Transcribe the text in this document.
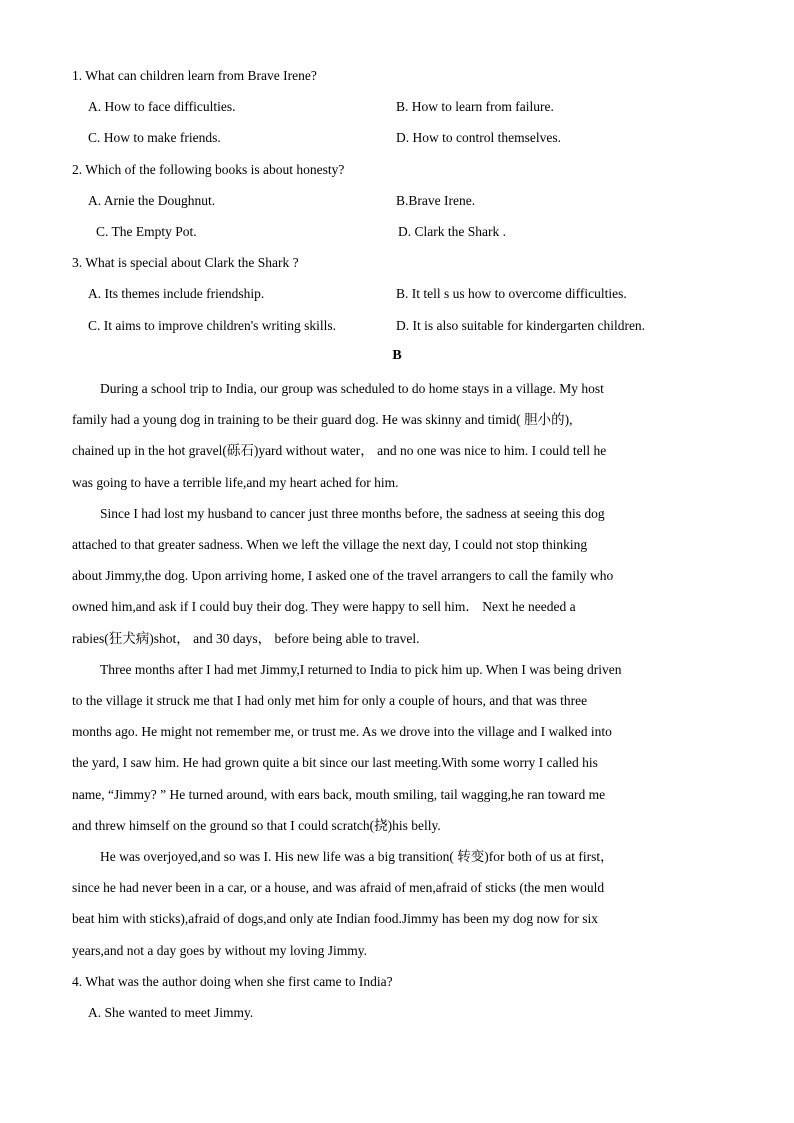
1. What can children learn from Brave Irene?
A. How to face difficulties.	B. How to learn from failure.
C. How to make friends.	D. How to control themselves.
2. Which of the following books is about honesty?
A. Arnie the Doughnut.	B.Brave Irene.
C. The Empty Pot.	D. Clark the Shark .
3. What is special about Clark the Shark ?
A. Its themes include friendship.	B. It tell s us how to overcome difficulties.
C. It aims to improve children's writing skills.	D. It is also suitable for kindergarten children.
B
During a school trip to India, our group was scheduled to do home stays in a village. My host
family had a young dog in training to be their guard dog. He was skinny and timid( 胆小的),
chained up in the hot gravel(砾石)yard without water， and no one was nice to him. I could tell he
was going to have a terrible life,and my heart ached for him.
Since I had lost my husband to cancer just three months before, the sadness at seeing this dog
attached to that greater sadness. When we left the village the next day, I could not stop thinking
about Jimmy,the dog. Upon arriving home, I asked one of the travel arrangers to call the family who
owned him,and ask if I could buy their dog. They were happy to sell him． Next he needed a
rabies(狂犬病)shot， and 30 days， before being able to travel.
Three months after I had met Jimmy,I returned to India to pick him up. When I was being driven
to the village it struck me that I had only met him for only a couple of hours, and that was three
months ago. He might not remember me, or trust me. As we drove into the village and I walked into
the yard, I saw him. He had grown quite a bit since our last meeting.With some worry I called his
name, “Jimmy? ” He turned around, with ears back, mouth smiling, tail wagging,he ran toward me
and threw himself on the ground so that I could scratch(挠)his belly.
He was overjoyed,and so was I. His new life was a big transition( 转变)for both of us at first，
since he had never been in a car, or a house, and was afraid of men,afraid of sticks (the men would
beat him with sticks),afraid of dogs,and only ate Indian food.Jimmy has been my dog now for six
years,and not a day goes by without my loving Jimmy.
4. What was the author doing when she first came to India?
A. She wanted to meet Jimmy.
